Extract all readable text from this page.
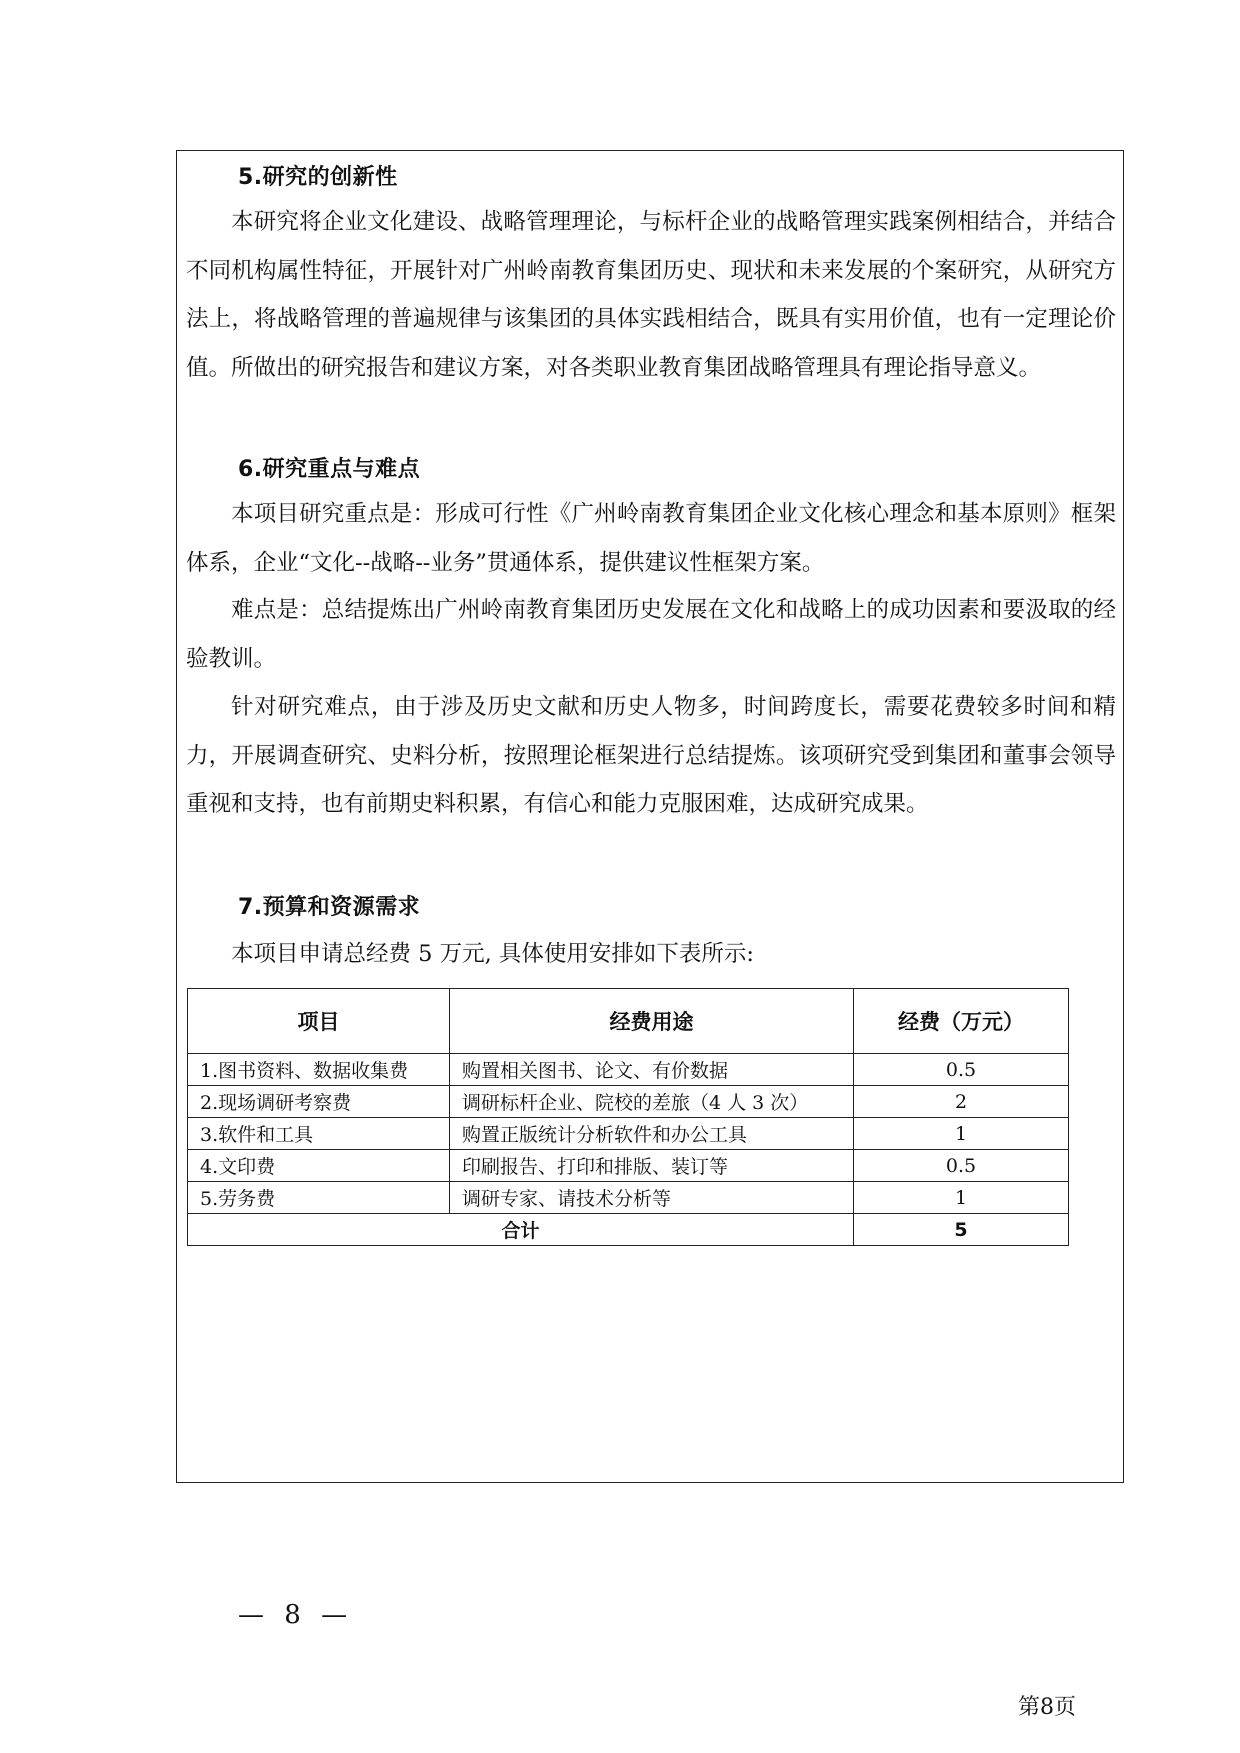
5.研究的创新性

本研究将企业文化建设、战略管理理论，与标杆企业的战略管理实践案例相结合，并结合不同机构属性特征，开展针对广州岭南教育集团历史、现状和未来发展的个案研究，从研究方法上，将战略管理的普遍规律与该集团的具体实践相结合，既具有实用价值，也有一定理论价值。所做出的研究报告和建议方案，对各类职业教育集团战略管理具有理论指导意义。

6.研究重点与难点

本项目研究重点是：形成可行性《广州岭南教育集团企业文化核心理念和基本原则》框架体系，企业“文化--战略--业务”贯通体系，提供建议性框架方案。

难点是：总结提炼出广州岭南教育集团历史发展在文化和战略上的成功因素和要汲取的经验教训。

针对研究难点，由于涉及历史文献和历史人物多，时间跨度长，需要花费较多时间和精力，开展调查研究、史料分析，按照理论框架进行总结提炼。该项研究受到集团和董事会领导重视和支持，也有前期史料积累，有信心和能力克服困难，达成研究成果。

7.预算和资源需求

本项目申请总经费 5 万元, 具体使用安排如下表所示:

项目	经费用途	经费（万元）
1.图书资料、数据收集费	购置相关图书、论文、有价数据	0.5
2.现场调研考察费	调研标杆企业、院校的差旅（4 人 3 次）	2
3.软件和工具	购置正版统计分析软件和办公工具	1
4.文印费	印刷报告、打印和排版、装订等	0.5
5.劳务费	调研专家、请技术分析等	1
合计		5
— 8 —
第8页
